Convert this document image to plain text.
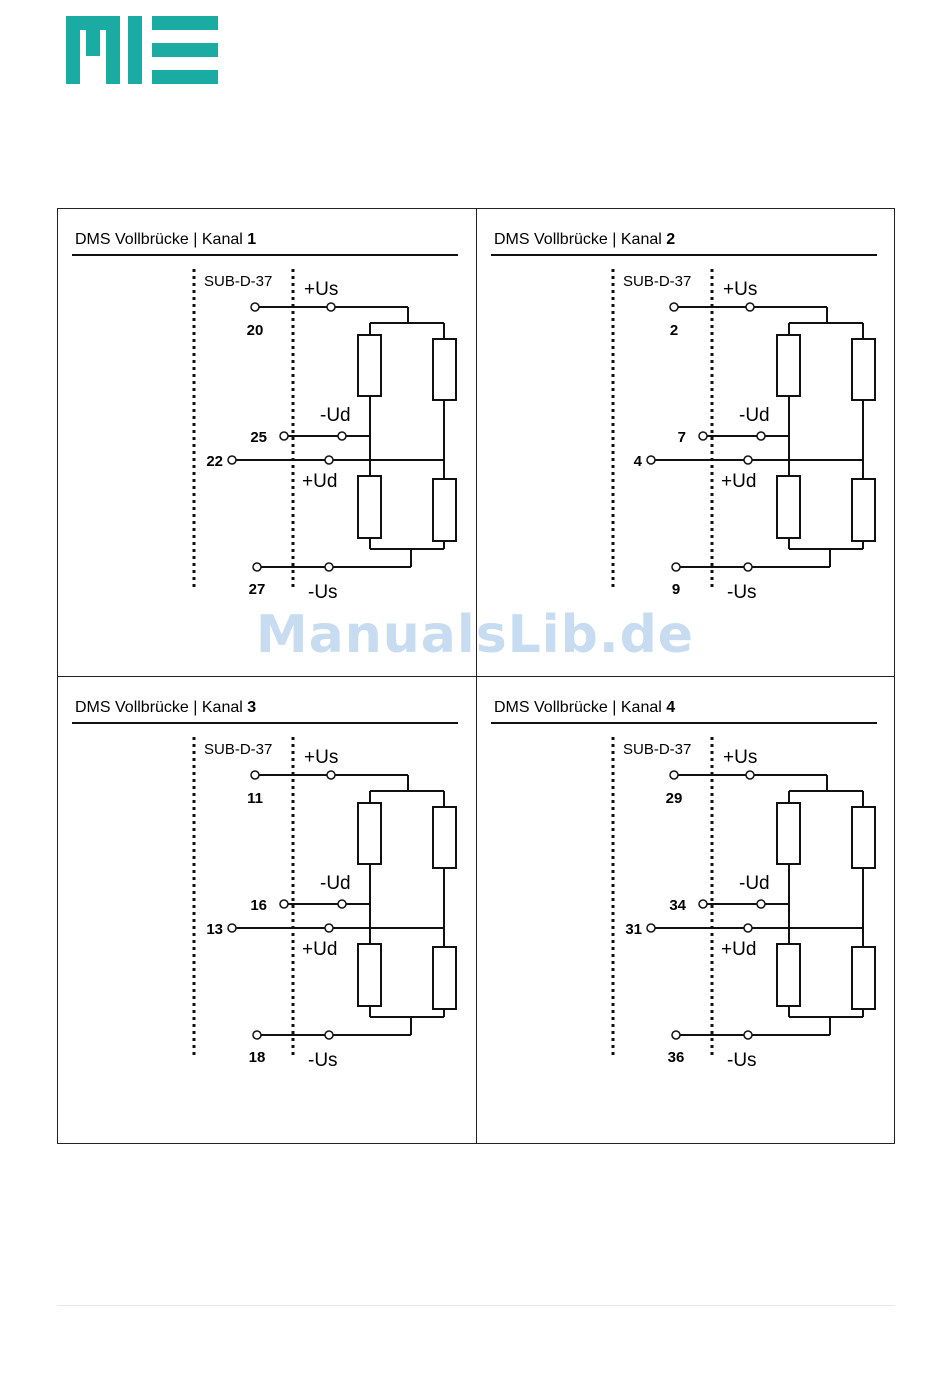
DMS Vollbrücke | Kanal 1
SUB-D-37 +Us
-Ud
+Ud
-Us
20
25
22
27
DMS Vollbrücke | Kanal 2
SUB-D-37 +Us
-Ud
+Ud
-Us
2
7
4
9
DMS Vollbrücke | Kanal 3
SUB-D-37 +Us
-Ud
+Ud
-Us
11
16
13
18
DMS Vollbrücke | Kanal 4
SUB-D-37 +Us
-Ud
+Ud
-Us
29
34
31
36
ManualsLib.de
